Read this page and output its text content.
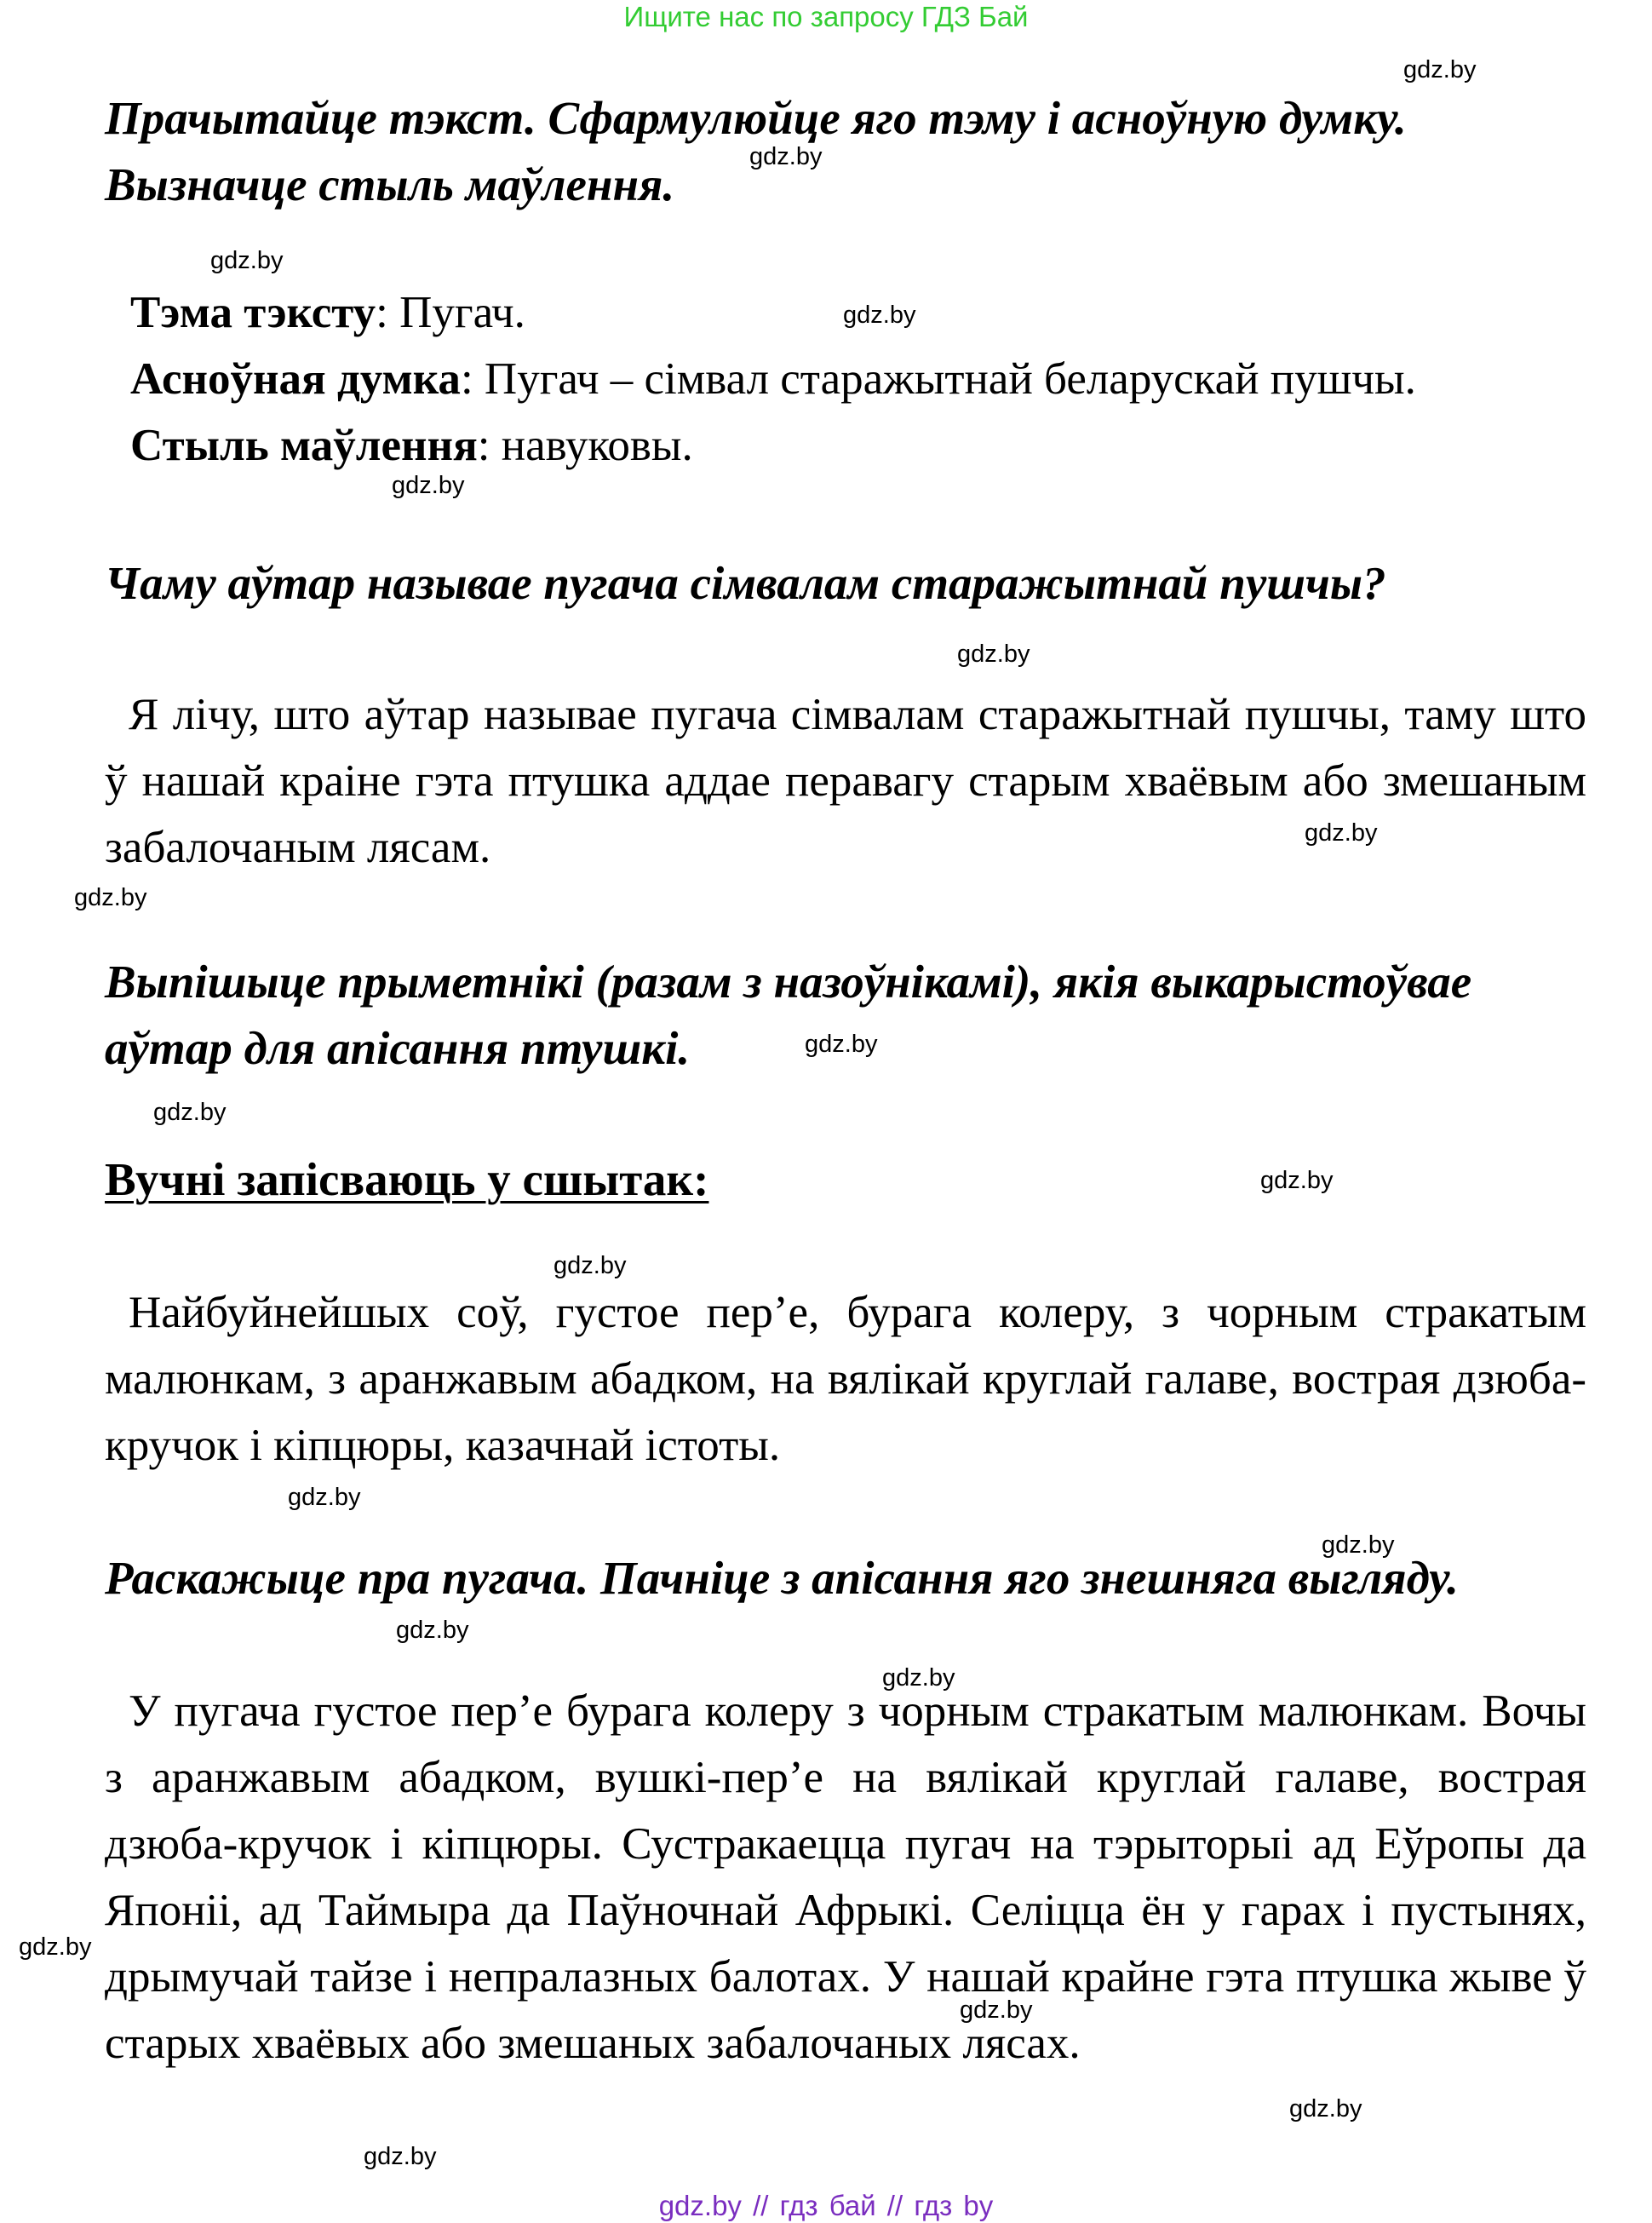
Ищите нас по запросу ГДЗ Бай
Прачытайце тэкст. Сфармулюйце яго тэму і асноўную думку. Вызначце стыль маўлення.
Тэма тэксту: Пугач.
Асноўная думка: Пугач – сімвал старажытнай беларускай пушчы.
Стыль маўлення: навуковы.
Чаму аўтар называе пугача сімвалам старажытнай пушчы?
Я лічу, што аўтар называе пугача сімвалам старажытнай пушчы, таму што ў нашай краіне гэта птушка аддае перавагу старым хваёвым або змешаным забалочаным лясам.
Выпішыце прыметнікі (разам з назоўнікамі), якія выкарыстоўвае аўтар для апісання птушкі.
Вучні запісваюць у сшытак:
Найбуйнейшых соў, густое пер’е, бурага колеру, з чорным стракатым малюнкам, з аранжавым абадком, на вялікай круглай галаве, вострая дзюба-кручок і кіпцюры, казачнай істоты.
Раскажыце пра пугача. Пачніце з апісання яго знешняга выгляду.
У пугача густое пер’е бурага колеру з чорным стракатым малюнкам. Вочы з аранжавым абадком, вушкі-пер’е на вялікай круглай галаве, вострая дзюба-кручок і кіпцюры. Сустракаецца пугач на тэрыторыі ад Еўропы да Японіі, ад Таймыра да Паўночнай Афрыкі. Селіцца ён у гарах і пустынях, дрымучай тайзе і непралазных балотах. У нашай крайне гэта птушка жыве ў старых хваёвых або змешаных забалочаных лясах.
gdz.by
gdz.by
gdz.by
gdz.by
gdz.by
gdz.by
gdz.by
gdz.by
gdz.by
gdz.by
gdz.by
gdz.by
gdz.by
gdz.by
gdz.by
gdz.by
gdz.by
gdz.by
gdz.by
gdz.by
gdz.by // гдз бай // гдз by
